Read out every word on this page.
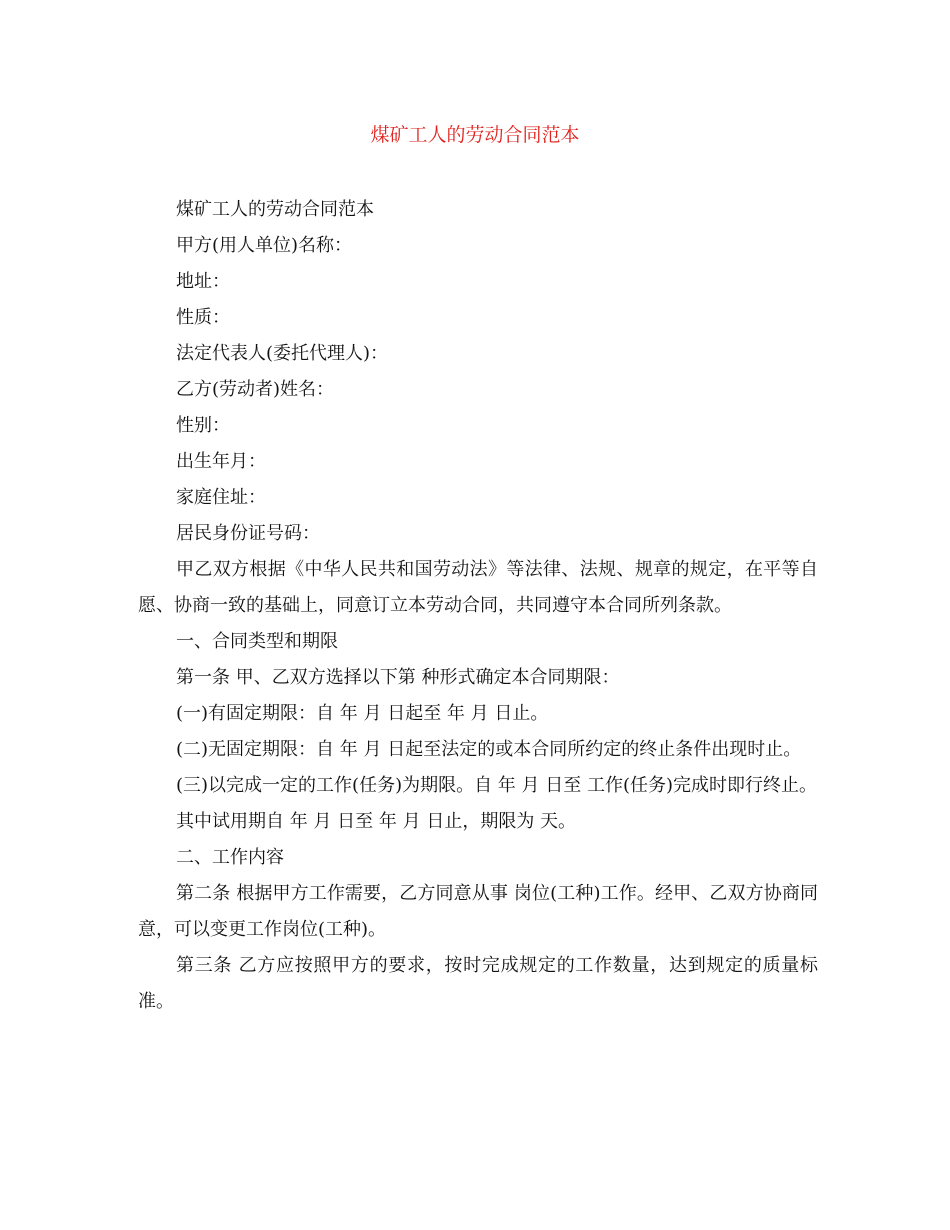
煤矿工人的劳动合同范本

煤矿工人的劳动合同范本

甲方(用人单位)名称：

地址：

性质：

法定代表人(委托代理人)：

乙方(劳动者)姓名：

性别：

出生年月：

家庭住址：

居民身份证号码：

甲乙双方根据《中华人民共和国劳动法》等法律、法规、规章的规定，在平等自愿、协商一致的基础上，同意订立本劳动合同，共同遵守本合同所列条款。

一、合同类型和期限

第一条 甲、乙双方选择以下第 种形式确定本合同期限：

(一)有固定期限：自 年 月 日起至 年 月 日止。

(二)无固定期限：自 年 月 日起至法定的或本合同所约定的终止条件出现时止。

(三)以完成一定的工作(任务)为期限。自 年 月 日至 工作(任务)完成时即行终止。

其中试用期自 年 月 日至 年 月 日止，期限为 天。

二、工作内容

第二条 根据甲方工作需要，乙方同意从事 岗位(工种)工作。经甲、乙双方协商同意，可以变更工作岗位(工种)。

第三条 乙方应按照甲方的要求，按时完成规定的工作数量，达到规定的质量标准。
